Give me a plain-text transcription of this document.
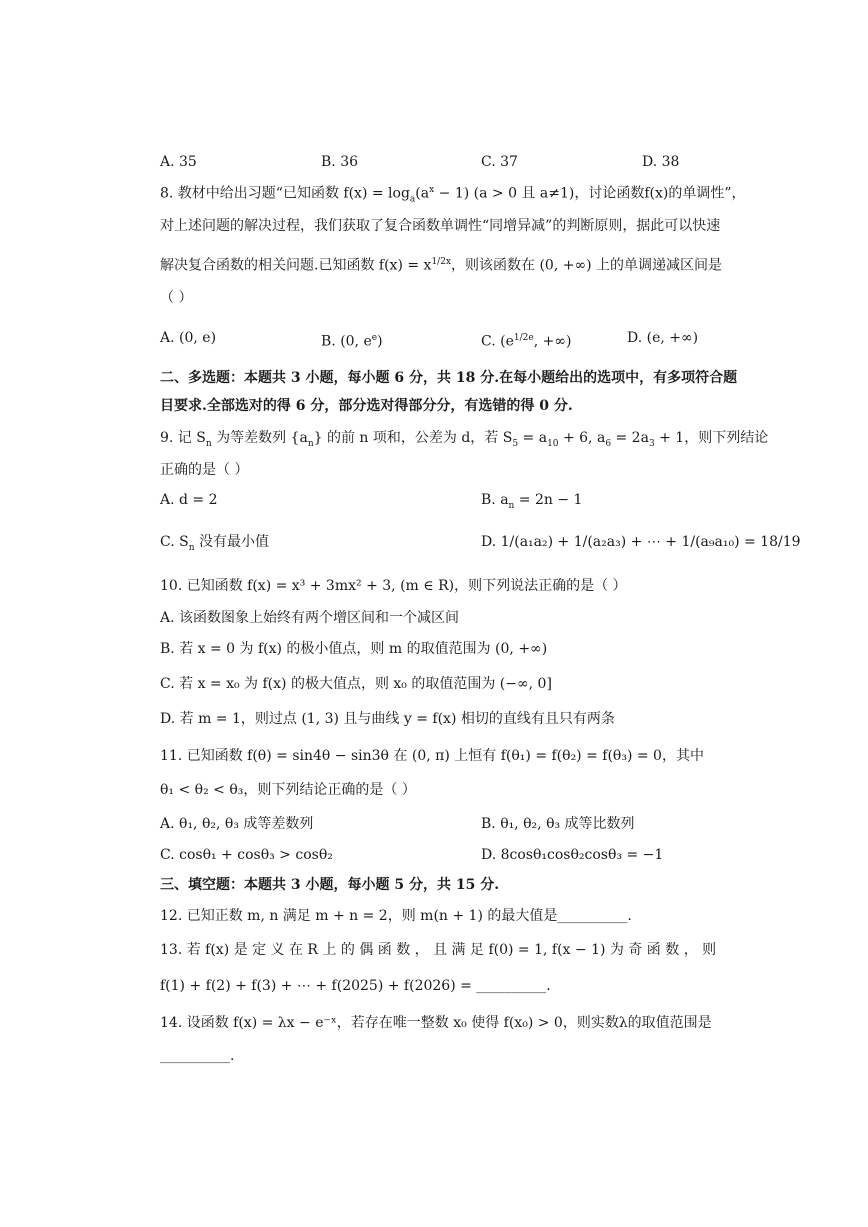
A. 35	B. 36	C. 37	D. 38
8. 教材中给出习题“已知函数 $f(x) = \log_a(a^x - 1) (a > 0$ 且 a≠1)，讨论函数f(x)的单调性”，
对上述问题的解决过程，我们获取了复合函数单调性“同增异减”的判断原则，据此可以快速
解决复合函数的相关问题.已知函数 $f(x) = x^{1/2x}$，则该函数在 (0, +∞) 上的单调递减区间是
（ ）
A. (0, e)	B. (0, $e^e$)	C. ($e^{1/2e}$, +∞)	D. (e, +∞)
二、多选题：本题共 3 小题，每小题 6 分，共 18 分.在每小题给出的选项中，有多项符合题
目要求.全部选对的得 6 分，部分选对得部分分，有选错的得 0 分.
9. 记 $S_n$ 为等差数列 $\{a_n\}$ 的前 n 项和，公差为 d，若 $S_5 = a_{10} + 6$, $a_6 = 2a_3 + 1$，则下列结论
正确的是（ ）
A. d = 2	B. $a_n = 2n - 1$
C. $S_n$ 没有最小值	D. 1/(a₁a₂) + 1/(a₂a₃) + ⋯ + 1/(a₉a₁₀) = 18/19
10. 已知函数 f(x) = x³ + 3mx² + 3, (m ∈ R)，则下列说法正确的是（ ）
A. 该函数图象上始终有两个增区间和一个减区间
B. 若 x = 0 为 f(x) 的极小值点，则 m 的取值范围为 (0, +∞)
C. 若 x = x₀ 为 f(x) 的极大值点，则 x₀ 的取值范围为 (−∞, 0]
D. 若 m = 1，则过点 (1, 3) 且与曲线 y = f(x) 相切的直线有且只有两条
11. 已知函数 f(θ) = sin4θ − sin3θ 在 (0, π) 上恒有 f(θ₁) = f(θ₂) = f(θ₃) = 0，其中
θ₁ < θ₂ < θ₃，则下列结论正确的是（ ）
A. θ₁, θ₂, θ₃ 成等差数列	B. θ₁, θ₂, θ₃ 成等比数列
C. cosθ₁ + cosθ₃ > cosθ₂	D. 8cosθ₁cosθ₂cosθ₃ = −1
三、填空题：本题共 3 小题，每小题 5 分，共 15 分.
12. 已知正数 m, n 满足 m + n = 2，则 m(n + 1) 的最大值是__________.
13. 若 f(x) 是 定 义 在 R 上 的 偶 函 数 ， 且 满 足 f(0) = 1, f(x − 1) 为 奇 函 数 ， 则
f(1) + f(2) + f(3) + ⋯ + f(2025) + f(2026) = __________.
14. 设函数 f(x) = λx − e⁻ˣ，若存在唯一整数 x₀ 使得 f(x₀) > 0，则实数λ的取值范围是
__________.
